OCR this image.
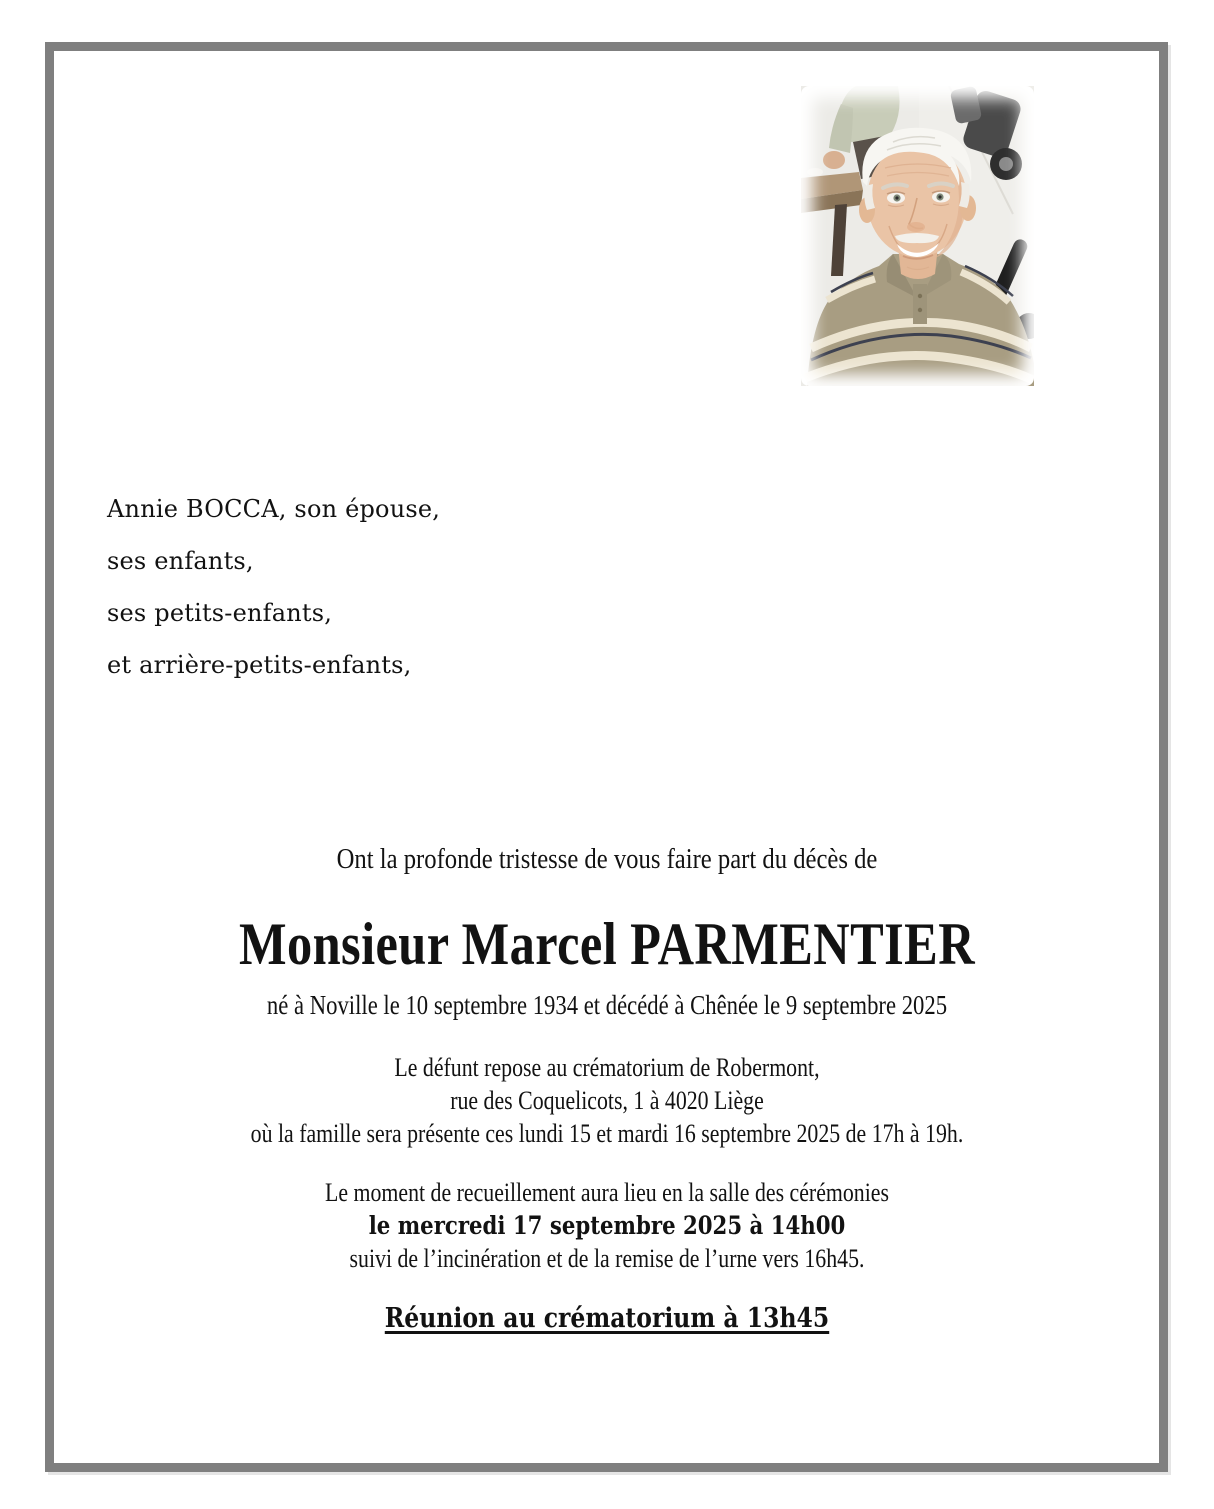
Annie BOCCA, son épouse,

ses enfants,

ses petits-enfants,

et arrière-petits-enfants,

Ont la profonde tristesse de vous faire part du décès de
Monsieur Marcel PARMENTIER
né à Noville le 10 septembre 1934 et décédé à Chênée le 9 septembre 2025

Le défunt repose au crématorium de Robermont,

rue des Coquelicots, 1 à 4020 Liège

où la famille sera présente ces lundi 15 et mardi 16 septembre 2025 de 17h à 19h.

Le moment de recueillement aura lieu en la salle des cérémonies

le mercredi 17 septembre 2025 à 14h00

suivi de l’incinération et de la remise de l’urne vers 16h45.

Réunion au crématorium à 13h45
